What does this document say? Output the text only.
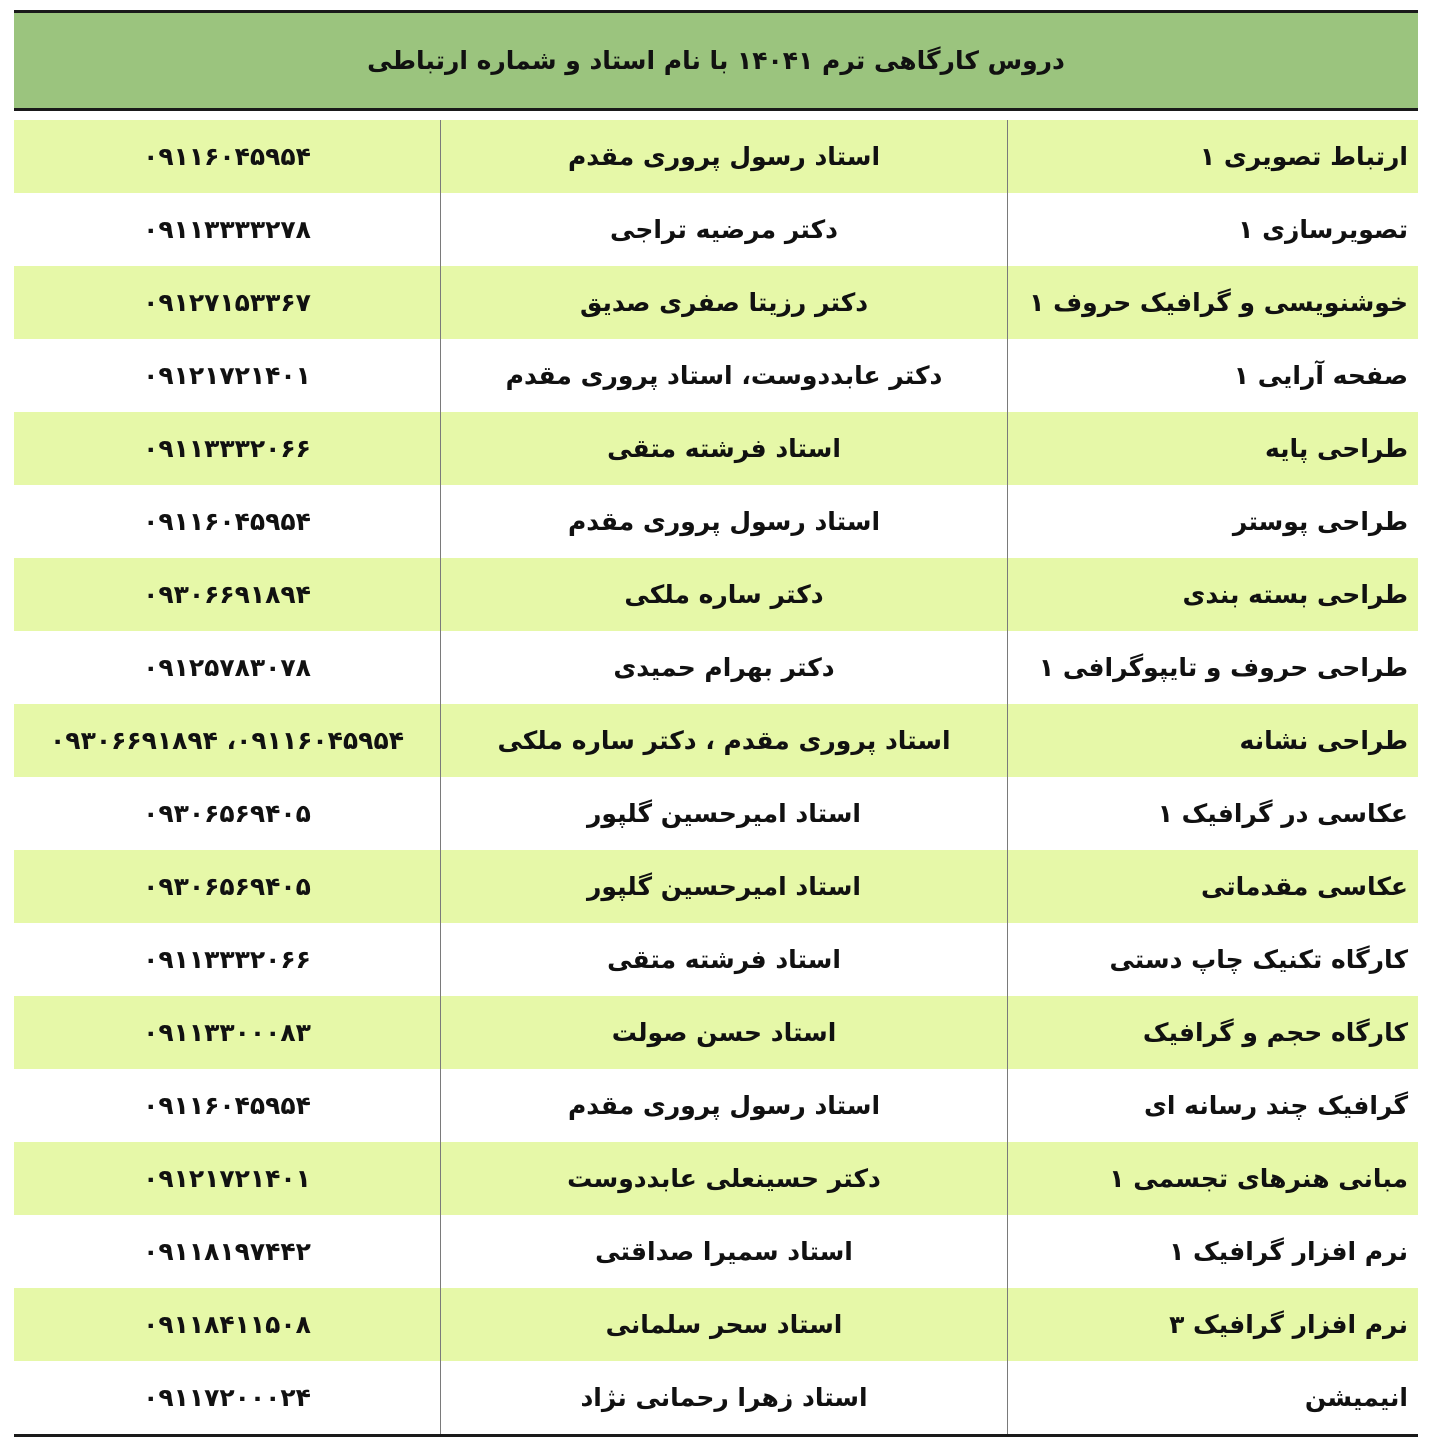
دروس کارگاهی ترم ۱۴۰۴۱ با نام استاد و شماره ارتباطی
ارتباط تصویری ۱
استاد رسول پروری مقدم
۰۹۱۱۶۰۴۵۹۵۴
تصویرسازی ۱
دکتر مرضیه تراجی
۰۹۱۱۳۳۳۳۲۷۸
خوشنویسی و گرافیک حروف ۱
دکتر رزیتا صفری صدیق
۰۹۱۲۷۱۵۳۳۶۷
صفحه آرایی ۱
دکتر عابددوست، استاد پروری مقدم
۰۹۱۲۱۷۲۱۴۰۱
طراحی پایه
استاد فرشته متقی
۰۹۱۱۳۳۳۲۰۶۶
طراحی پوستر
استاد رسول پروری مقدم
۰۹۱۱۶۰۴۵۹۵۴
طراحی بسته بندی
دکتر ساره ملکی
۰۹۳۰۶۶۹۱۸۹۴
طراحی حروف و تایپوگرافی ۱
دکتر بهرام حمیدی
۰۹۱۲۵۷۸۳۰۷۸
طراحی نشانه
استاد پروری مقدم ، دکتر ساره ملکی
۰۹۱۱۶۰۴۵۹۵۴، ۰۹۳۰۶۶۹۱۸۹۴
عکاسی در گرافیک ۱
استاد امیرحسین گلپور
۰۹۳۰۶۵۶۹۴۰۵
عکاسی مقدماتی
استاد امیرحسین گلپور
۰۹۳۰۶۵۶۹۴۰۵
کارگاه تکنیک چاپ دستی
استاد فرشته متقی
۰۹۱۱۳۳۳۲۰۶۶
کارگاه حجم و گرافیک
استاد حسن صولت
۰۹۱۱۳۳۰۰۰۸۳
گرافیک چند رسانه ای
استاد رسول پروری مقدم
۰۹۱۱۶۰۴۵۹۵۴
مبانی هنرهای تجسمی ۱
دکتر حسینعلی عابددوست
۰۹۱۲۱۷۲۱۴۰۱
نرم افزار گرافیک ۱
استاد سمیرا صداقتی
۰۹۱۱۸۱۹۷۴۴۲
نرم افزار گرافیک ۳
استاد سحر سلمانی
۰۹۱۱۸۴۱۱۵۰۸
انیمیشن
استاد زهرا رحمانی نژاد
۰۹۱۱۷۲۰۰۰۲۴
